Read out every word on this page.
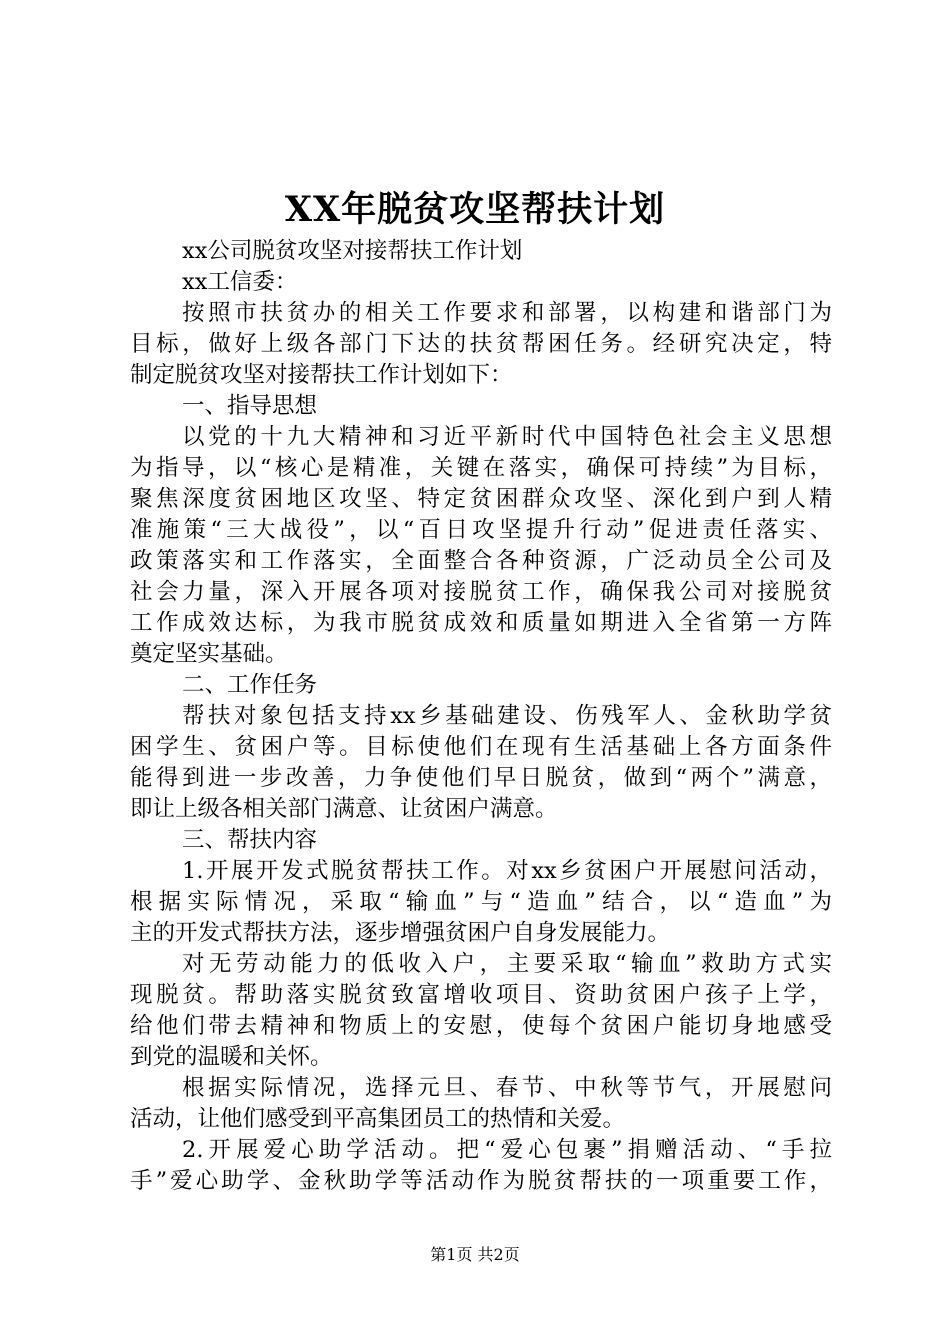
XX年脱贫攻坚帮扶计划

xx公司脱贫攻坚对接帮扶工作计划

xx工信委：

按照市扶贫办的相关工作要求和部署，以构建和谐部门为

目标，做好上级各部门下达的扶贫帮困任务。经研究决定，特

制定脱贫攻坚对接帮扶工作计划如下：

一、指导思想

以党的十九大精神和习近平新时代中国特色社会主义思想

为指导，以“核心是精准，关键在落实，确保可持续”为目标，

聚焦深度贫困地区攻坚、特定贫困群众攻坚、深化到户到人精

准施策“三大战役”，以“百日攻坚提升行动”促进责任落实、

政策落实和工作落实，全面整合各种资源，广泛动员全公司及

社会力量，深入开展各项对接脱贫工作，确保我公司对接脱贫

工作成效达标，为我市脱贫成效和质量如期进入全省第一方阵

奠定坚实基础。

二、工作任务

帮扶对象包括支持xx乡基础建设、伤残军人、金秋助学贫

困学生、贫困户等。目标使他们在现有生活基础上各方面条件

能得到进一步改善，力争使他们早日脱贫，做到“两个”满意，

即让上级各相关部门满意、让贫困户满意。

三、帮扶内容

1.开展开发式脱贫帮扶工作。对xx乡贫困户开展慰问活动，

根据实际情况，采取“输血”与“造血”结合，以“造血”为

主的开发式帮扶方法，逐步增强贫困户自身发展能力。

对无劳动能力的低收入户，主要采取“输血”救助方式实

现脱贫。帮助落实脱贫致富增收项目、资助贫困户孩子上学，

给他们带去精神和物质上的安慰，使每个贫困户能切身地感受

到党的温暖和关怀。

根据实际情况，选择元旦、春节、中秋等节气，开展慰问

活动，让他们感受到平高集团员工的热情和关爱。

2.开展爱心助学活动。把“爱心包裹”捐赠活动、“手拉

手”爱心助学、金秋助学等活动作为脱贫帮扶的一项重要工作，

第1页 共2页
